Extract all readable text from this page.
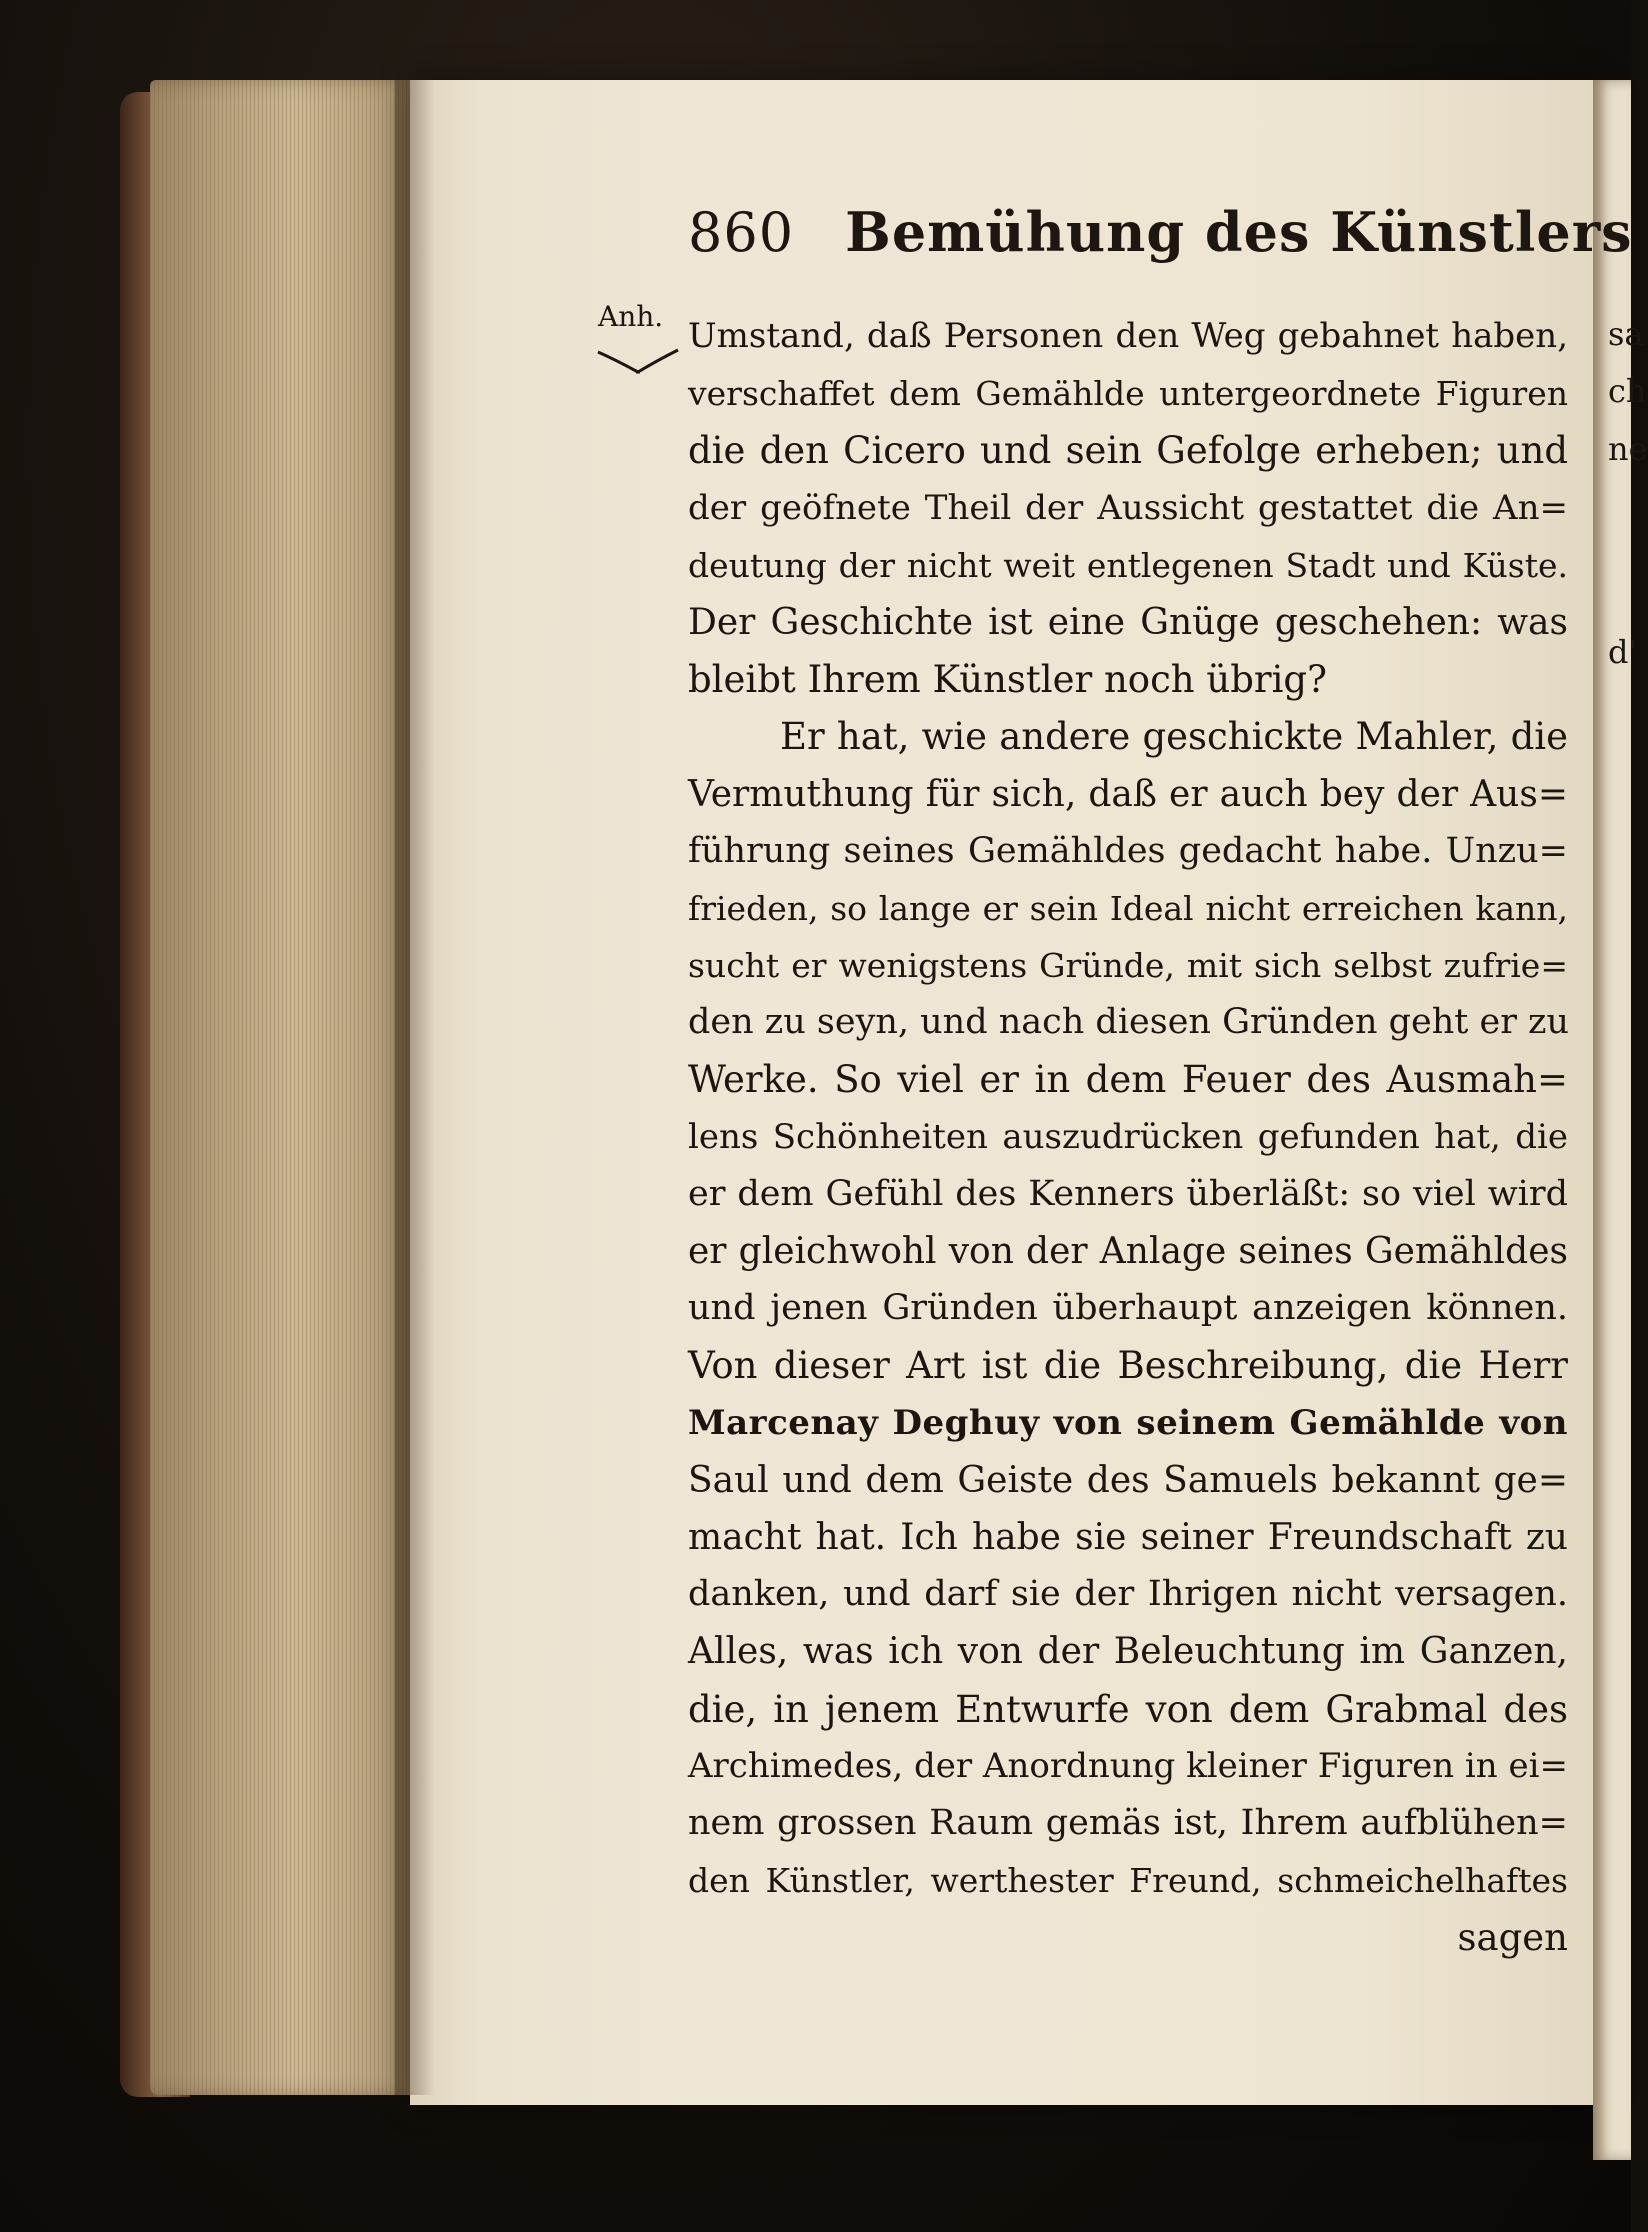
sa
ch
ne
d'
860 Bemühung des Künstlers
Anh. Umstand, daß Personen den Weg gebahnet haben,
verschaffet dem Gemählde untergeordnete Figuren
die den Cicero und sein Gefolge erheben; und
der geöfnete Theil der Aussicht gestattet die An=
deutung der nicht weit entlegenen Stadt und Küste.
Der Geschichte ist eine Gnüge geschehen: was
bleibt Ihrem Künstler noch übrig?
Er hat, wie andere geschickte Mahler, die
Vermuthung für sich, daß er auch bey der Aus=
führung seines Gemähldes gedacht habe. Unzu=
frieden, so lange er sein Ideal nicht erreichen kann,
sucht er wenigstens Gründe, mit sich selbst zufrie=
den zu seyn, und nach diesen Gründen geht er zu
Werke. So viel er in dem Feuer des Ausmah=
lens Schönheiten auszudrücken gefunden hat, die
er dem Gefühl des Kenners überläßt: so viel wird
er gleichwohl von der Anlage seines Gemähldes
und jenen Gründen überhaupt anzeigen können.
Von dieser Art ist die Beschreibung, die Herr
Marcenay Deghuy von seinem Gemählde von
Saul und dem Geiste des Samuels bekannt ge=
macht hat. Ich habe sie seiner Freundschaft zu
danken, und darf sie der Ihrigen nicht versagen.
Alles, was ich von der Beleuchtung im Ganzen,
die, in jenem Entwurfe von dem Grabmal des
Archimedes, der Anordnung kleiner Figuren in ei=
nem grossen Raum gemäs ist, Ihrem aufblühen=
den Künstler, werthester Freund, schmeichelhaftes
sagen
